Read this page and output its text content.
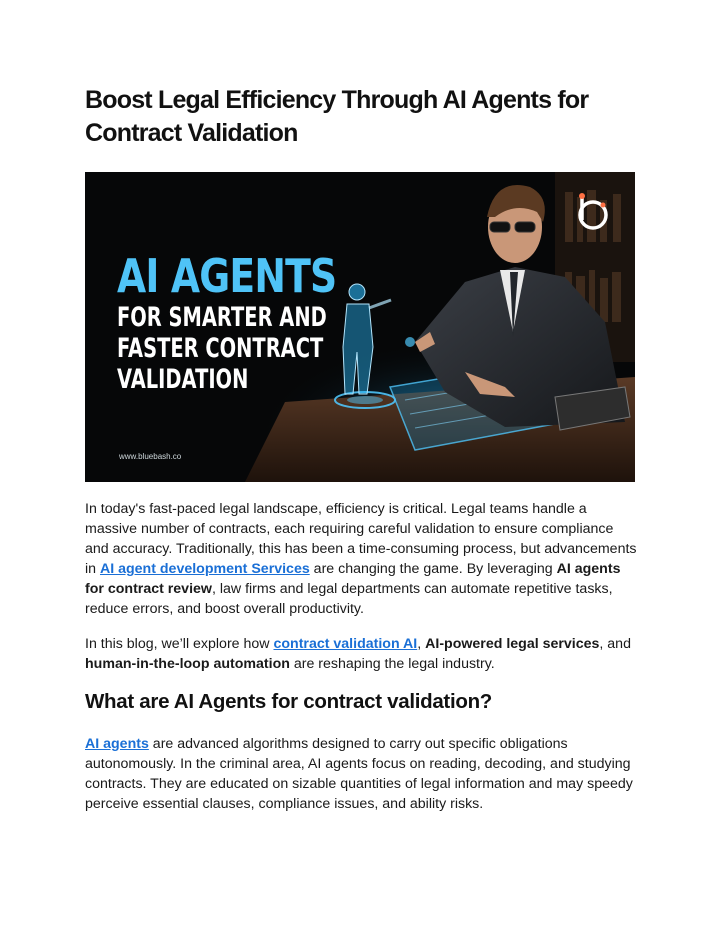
Boost Legal Efficiency Through AI Agents for Contract Validation
AI AGENTS
FOR SMARTER AND
FASTER CONTRACT
VALIDATION
www.bluebash.co

In today's fast-paced legal landscape, efficiency is critical. Legal teams handle a massive number of contracts, each requiring careful validation to ensure compliance and accuracy. Traditionally, this has been a time-consuming process, but advancements in AI agent development Services are changing the game. By leveraging AI agents for contract review, law firms and legal departments can automate repetitive tasks, reduce errors, and boost overall productivity.

In this blog, we’ll explore how contract validation AI, AI-powered legal services, and human-in-the-loop automation are reshaping the legal industry.

What are AI Agents for contract validation?

AI agents are advanced algorithms designed to carry out specific obligations autonomously. In the criminal area, AI agents focus on reading, decoding, and studying contracts. They are educated on sizable quantities of legal information and may speedy perceive essential clauses, compliance issues, and ability risks.
